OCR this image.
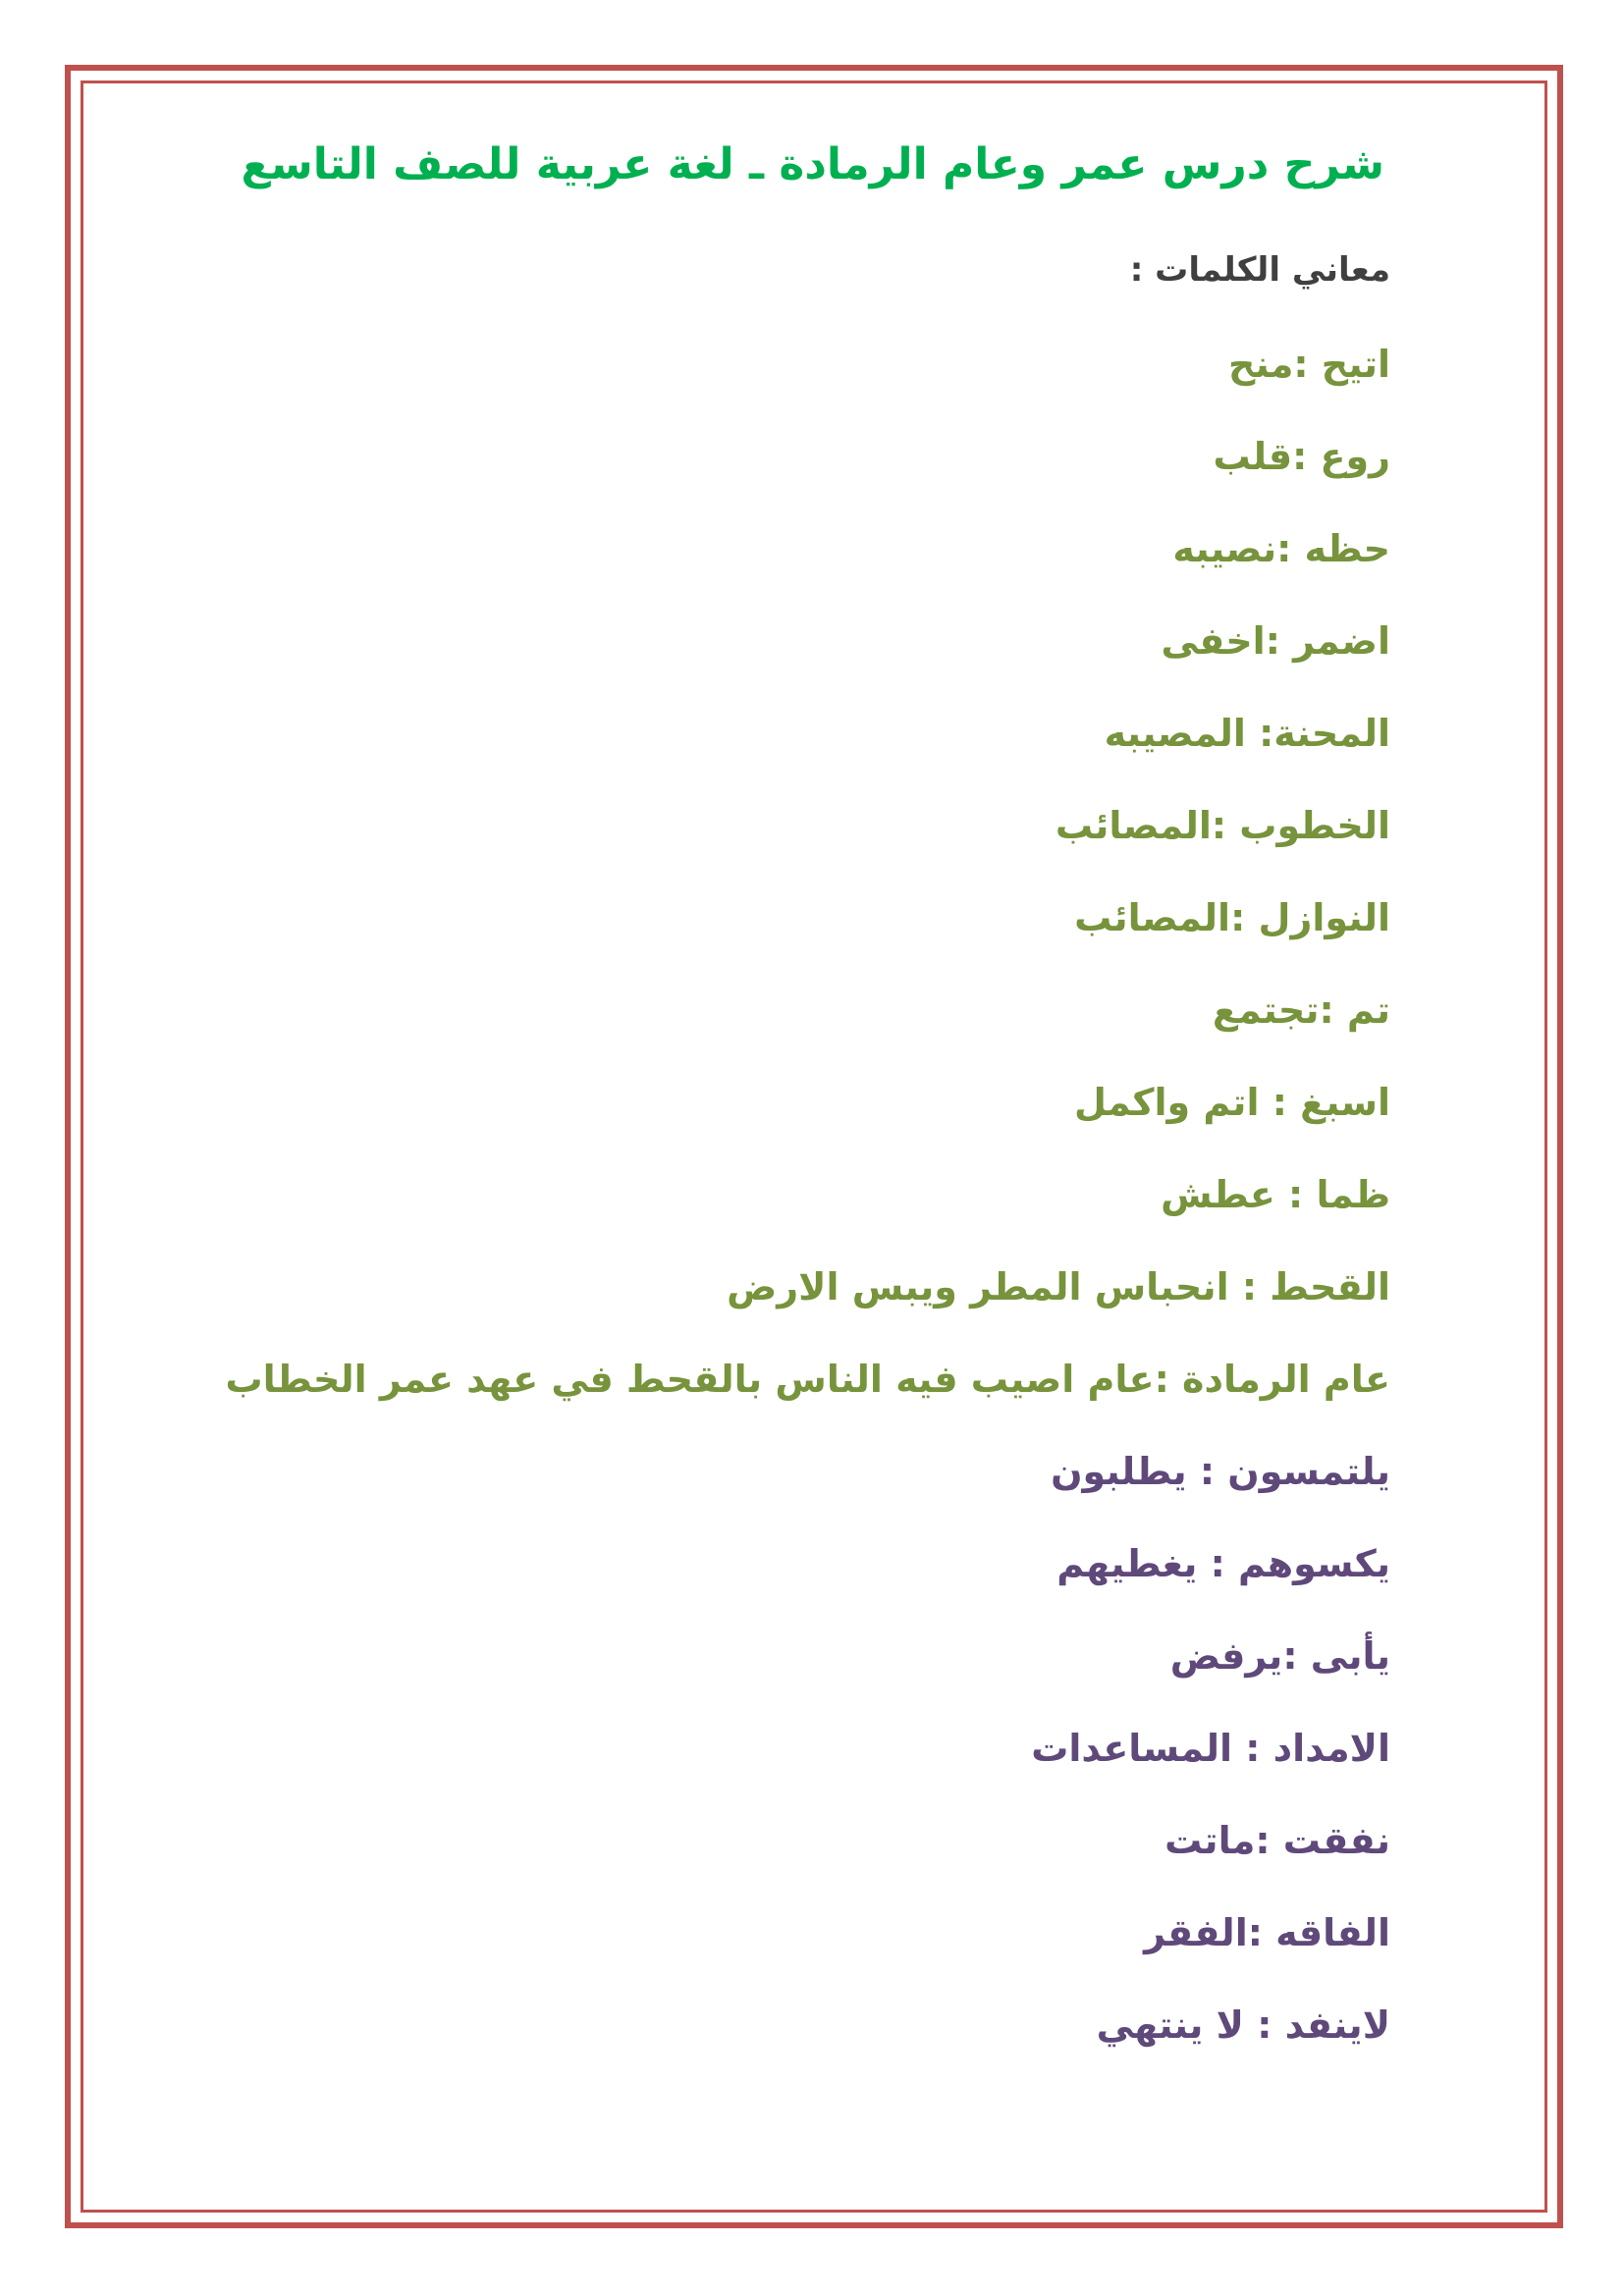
شرح درس عمر وعام الرمادة ـ لغة عربية للصف التاسع
معاني الكلمات :
اتيح :منح
روع :قلب
حظه :نصيبه
اضمر :اخفى
المحنة: المصيبه
الخطوب :المصائب
النوازل :المصائب
تم :تجتمع
اسبغ : اتم واكمل
ظما : عطش
القحط : انحباس المطر ويبس الارض
عام الرمادة :عام اصيب فيه الناس بالقحط في عهد عمر الخطاب
يلتمسون : يطلبون
يكسوهم : يغطيهم
يأبى :يرفض
الامداد : المساعدات
نفقت :ماتت
الفاقه :الفقر
لاينفد : لا ينتهي
